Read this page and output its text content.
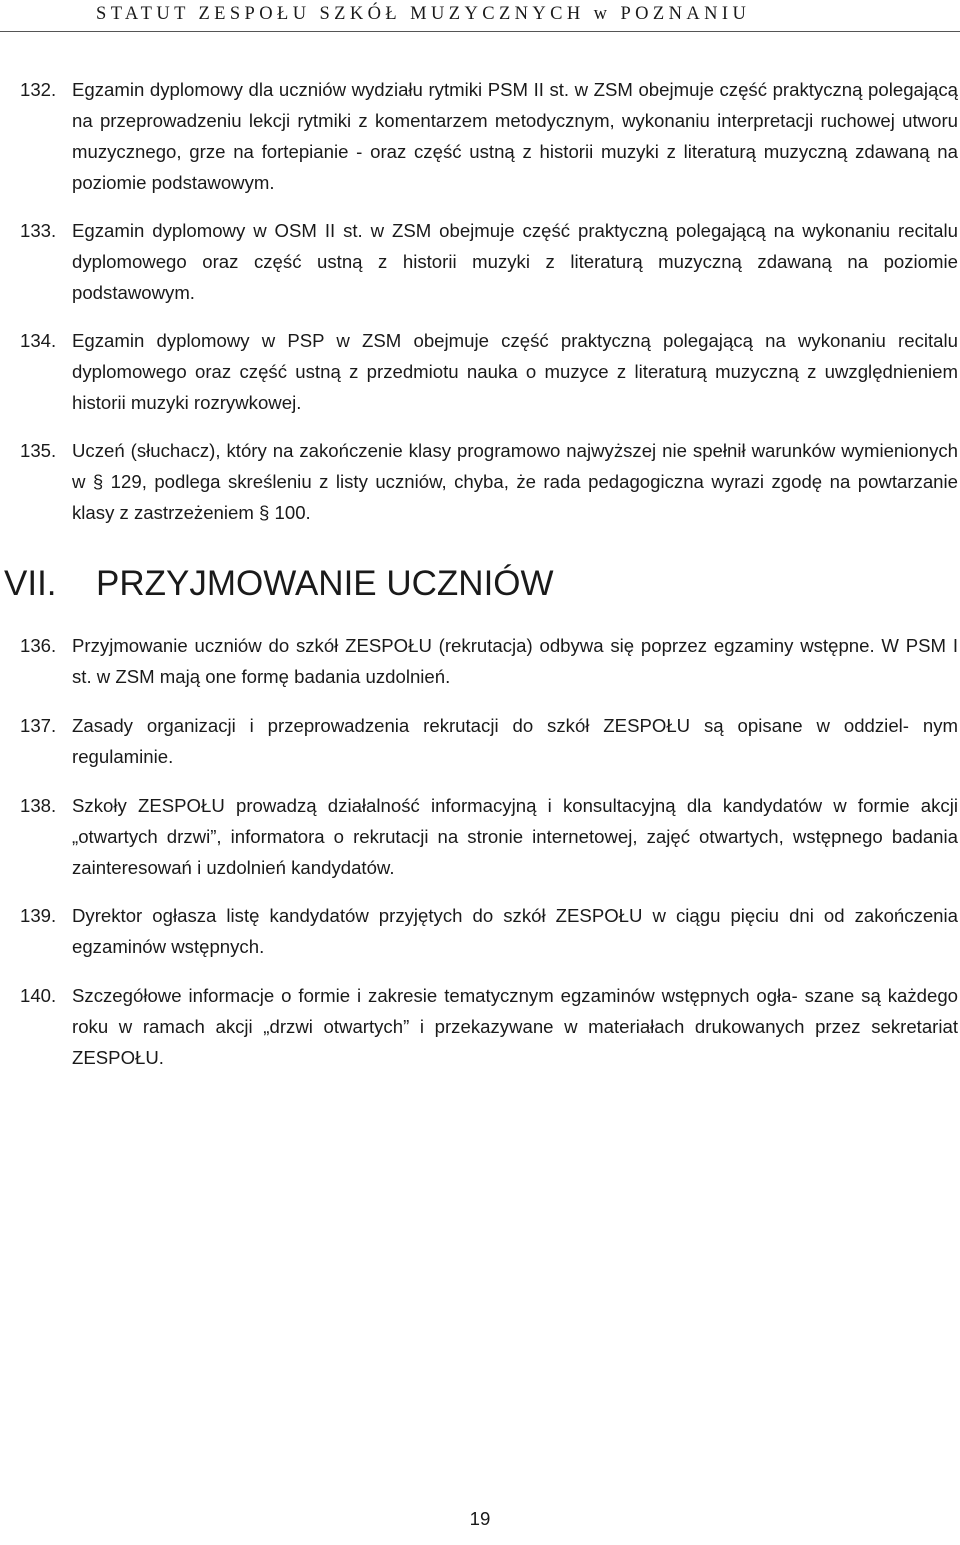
STATUT ZESPOŁU SZKÓŁ MUZYCZNYCH w POZNANIU
132. Egzamin dyplomowy dla uczniów wydziału rytmiki PSM II st. w ZSM obejmuje część praktyczną polegającą na przeprowadzeniu lekcji rytmiki z komentarzem metodycznym, wykonaniu interpretacji ruchowej utworu muzycznego, grze na fortepianie - oraz część ustną z historii muzyki z literaturą muzyczną zdawaną na poziomie podstawowym.
133. Egzamin dyplomowy w OSM II st. w ZSM obejmuje część praktyczną polegającą na wykonaniu recitalu dyplomowego oraz część ustną z historii muzyki z literaturą muzyczną zdawaną na poziomie podstawowym.
134. Egzamin dyplomowy w PSP w ZSM obejmuje część praktyczną polegającą na wykonaniu recitalu dyplomowego oraz część ustną z przedmiotu nauka o muzyce z literaturą muzyczną z uwzględnieniem historii muzyki rozrywkowej.
135. Uczeń (słuchacz), który na zakończenie klasy programowo najwyższej nie spełnił warunków wymienionych w § 129, podlega skreśleniu z listy uczniów, chyba, że rada pedagogiczna wyrazi zgodę na powtarzanie klasy z zastrzeżeniem § 100.
VII. PRZYJMOWANIE UCZNIÓW
136. Przyjmowanie uczniów do szkół ZESPOŁU (rekrutacja) odbywa się poprzez egzaminy wstępne. W PSM I st. w ZSM mają one formę badania uzdolnień.
137. Zasady organizacji i przeprowadzenia rekrutacji do szkół ZESPOŁU są opisane w oddziel- nym regulaminie.
138. Szkoły ZESPOŁU prowadzą działalność informacyjną i konsultacyjną dla kandydatów w formie akcji „otwartych drzwi”, informatora o rekrutacji na stronie internetowej, zajęć otwartych, wstępnego badania zainteresowań i uzdolnień kandydatów.
139. Dyrektor ogłasza listę kandydatów przyjętych do szkół ZESPOŁU w ciągu pięciu dni od zakończenia egzaminów wstępnych.
140. Szczegółowe informacje o formie i zakresie tematycznym egzaminów wstępnych ogła- szane są każdego roku w ramach akcji „drzwi otwartych” i przekazywane w materiałach drukowanych przez sekretariat ZESPOŁU.
19
